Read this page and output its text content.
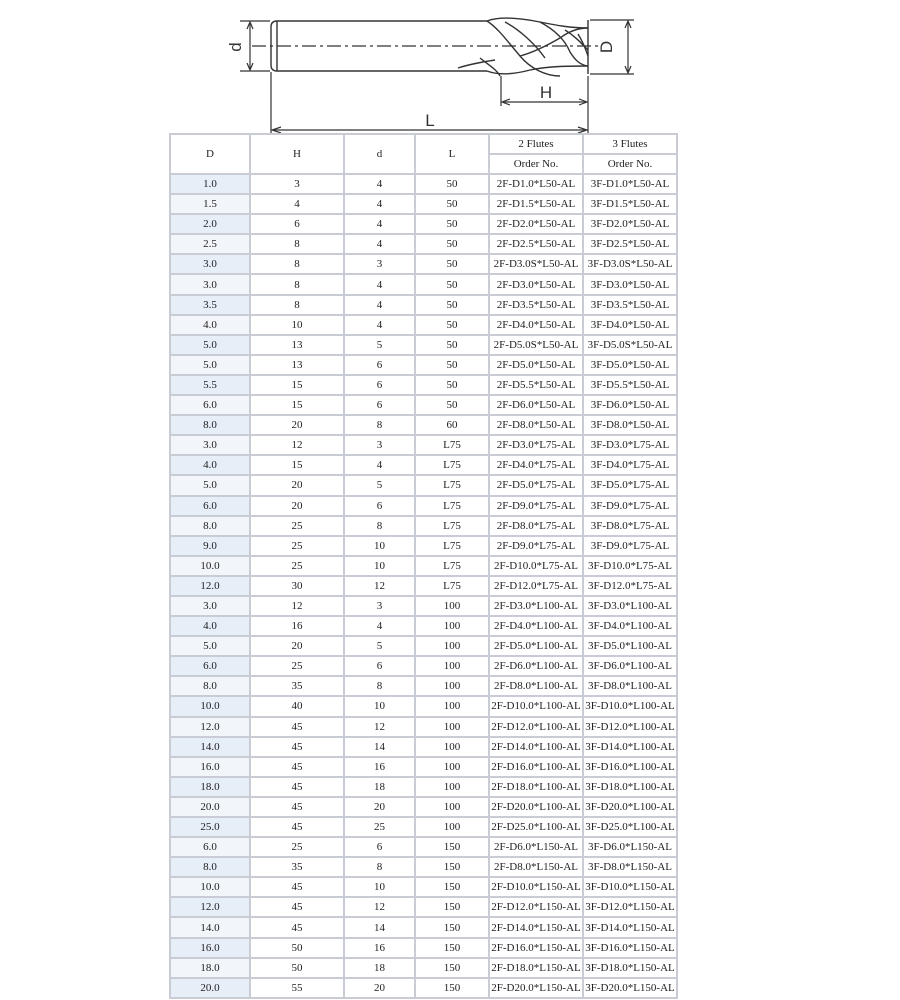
d	D
H
L
D	H	d	L	2 Flutes	3 Flutes
				Order No.	Order No.
1.0	3	4	50	2F-D1.0*L50-AL	3F-D1.0*L50-AL
1.5	4	4	50	2F-D1.5*L50-AL	3F-D1.5*L50-AL
2.0	6	4	50	2F-D2.0*L50-AL	3F-D2.0*L50-AL
2.5	8	4	50	2F-D2.5*L50-AL	3F-D2.5*L50-AL
3.0	8	3	50	2F-D3.0S*L50-AL	3F-D3.0S*L50-AL
3.0	8	4	50	2F-D3.0*L50-AL	3F-D3.0*L50-AL
3.5	8	4	50	2F-D3.5*L50-AL	3F-D3.5*L50-AL
4.0	10	4	50	2F-D4.0*L50-AL	3F-D4.0*L50-AL
5.0	13	5	50	2F-D5.0S*L50-AL	3F-D5.0S*L50-AL
5.0	13	6	50	2F-D5.0*L50-AL	3F-D5.0*L50-AL
5.5	15	6	50	2F-D5.5*L50-AL	3F-D5.5*L50-AL
6.0	15	6	50	2F-D6.0*L50-AL	3F-D6.0*L50-AL
8.0	20	8	60	2F-D8.0*L50-AL	3F-D8.0*L50-AL
3.0	12	3	L75	2F-D3.0*L75-AL	3F-D3.0*L75-AL
4.0	15	4	L75	2F-D4.0*L75-AL	3F-D4.0*L75-AL
5.0	20	5	L75	2F-D5.0*L75-AL	3F-D5.0*L75-AL
6.0	20	6	L75	2F-D9.0*L75-AL	3F-D9.0*L75-AL
8.0	25	8	L75	2F-D8.0*L75-AL	3F-D8.0*L75-AL
9.0	25	10	L75	2F-D9.0*L75-AL	3F-D9.0*L75-AL
10.0	25	10	L75	2F-D10.0*L75-AL	3F-D10.0*L75-AL
12.0	30	12	L75	2F-D12.0*L75-AL	3F-D12.0*L75-AL
3.0	12	3	100	2F-D3.0*L100-AL	3F-D3.0*L100-AL
4.0	16	4	100	2F-D4.0*L100-AL	3F-D4.0*L100-AL
5.0	20	5	100	2F-D5.0*L100-AL	3F-D5.0*L100-AL
6.0	25	6	100	2F-D6.0*L100-AL	3F-D6.0*L100-AL
8.0	35	8	100	2F-D8.0*L100-AL	3F-D8.0*L100-AL
10.0	40	10	100	2F-D10.0*L100-AL	3F-D10.0*L100-AL
12.0	45	12	100	2F-D12.0*L100-AL	3F-D12.0*L100-AL
14.0	45	14	100	2F-D14.0*L100-AL	3F-D14.0*L100-AL
16.0	45	16	100	2F-D16.0*L100-AL	3F-D16.0*L100-AL
18.0	45	18	100	2F-D18.0*L100-AL	3F-D18.0*L100-AL
20.0	45	20	100	2F-D20.0*L100-AL	3F-D20.0*L100-AL
25.0	45	25	100	2F-D25.0*L100-AL	3F-D25.0*L100-AL
6.0	25	6	150	2F-D6.0*L150-AL	3F-D6.0*L150-AL
8.0	35	8	150	2F-D8.0*L150-AL	3F-D8.0*L150-AL
10.0	45	10	150	2F-D10.0*L150-AL	3F-D10.0*L150-AL
12.0	45	12	150	2F-D12.0*L150-AL	3F-D12.0*L150-AL
14.0	45	14	150	2F-D14.0*L150-AL	3F-D14.0*L150-AL
16.0	50	16	150	2F-D16.0*L150-AL	3F-D16.0*L150-AL
18.0	50	18	150	2F-D18.0*L150-AL	3F-D18.0*L150-AL
20.0	55	20	150	2F-D20.0*L150-AL	3F-D20.0*L150-AL
